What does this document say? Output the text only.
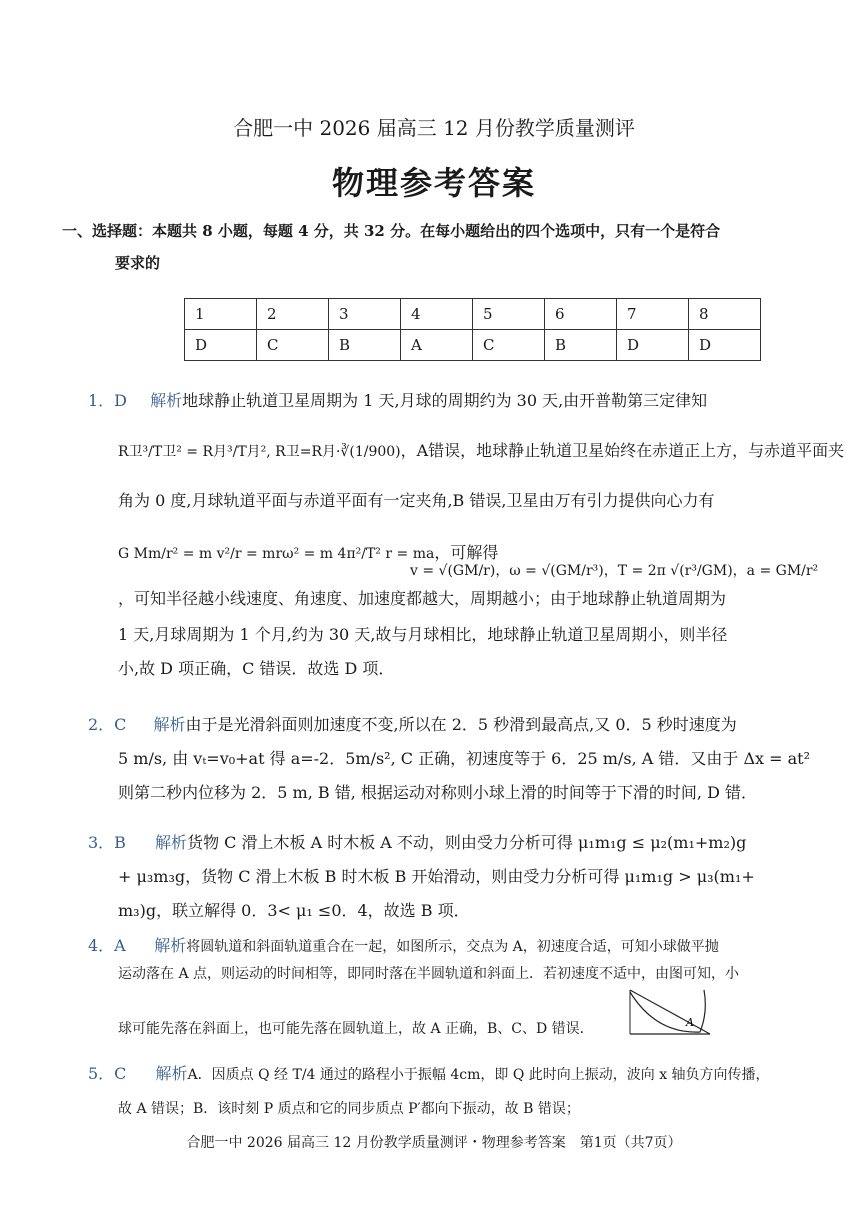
合肥一中 2026 届高三 12 月份教学质量测评
物理参考答案
一、选择题：本题共 8 小题，每题 4 分，共 32 分。在每小题给出的四个选项中，只有一个是符合
要求的
1	2	3	4	5	6	7	8
D	C	B	A	C	B	D	D
1．D 解析地球静止轨道卫星周期为 1 天,月球的周期约为 30 天,由开普勒第三定律知
R卫³/T卫² = R月³/T月², R卫=R月·∛(1/900)，A错误，地球静止轨道卫星始终在赤道正上方，与赤道平面夹
角为 0 度,月球轨道平面与赤道平面有一定夹角,B 错误,卫星由万有引力提供向心力有
G Mm/r² = m v²/r = mrω² = m 4π²/T² r = ma，可解得
v = √(GM/r)，ω = √(GM/r³)，T = 2π √(r³/GM)，a = GM/r²
，可知半径越小线速度、角速度、加速度都越大，周期越小；由于地球静止轨道周期为
1 天,月球周期为 1 个月,约为 30 天,故与月球相比，地球静止轨道卫星周期小，则半径
小,故 D 项正确，C 错误．故选 D 项．
2．C 解析由于是光滑斜面则加速度不变,所以在 2．5 秒滑到最高点,又 0．5 秒时速度为
5 m/s, 由 vₜ=v₀+at 得 a=-2．5m/s², C 正确，初速度等于 6．25 m/s, A 错．又由于 Δx = at²
则第二秒内位移为 2．5 m, B 错, 根据运动对称则小球上滑的时间等于下滑的时间, D 错．
3．B 解析货物 C 滑上木板 A 时木板 A 不动，则由受力分析可得 μ₁m₁g ≤ μ₂(m₁+m₂)g
+ μ₃m₃g，货物 C 滑上木板 B 时木板 B 开始滑动，则由受力分析可得 μ₁m₁g > μ₃(m₁+
m₃)g，联立解得 0．3< μ₁ ≤0．4，故选 B 项．
4．A 解析将圆轨道和斜面轨道重合在一起，如图所示，交点为 A，初速度合适，可知小球做平抛
运动落在 A 点，则运动的时间相等，即同时落在半圆轨道和斜面上．若初速度不适中，由图可知，小
球可能先落在斜面上，也可能先落在圆轨道上，故 A 正确，B、C、D 错误．	A
5．C 解析A．因质点 Q 经 T/4 通过的路程小于振幅 4cm，即 Q 此时向上振动，波向 x 轴负方向传播，
故 A 错误；B．该时刻 P 质点和它的同步质点 P′都向下振动，故 B 错误；
合肥一中 2026 届高三 12 月份教学质量测评・物理参考答案　第1页（共7页）
